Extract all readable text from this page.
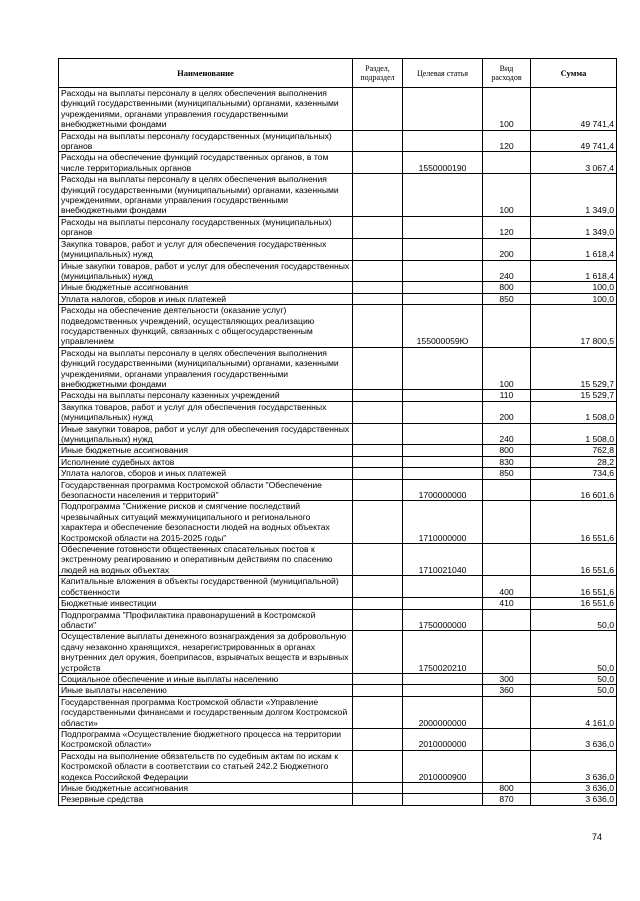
Наименование	Раздел, подраздел	Целевая статья	Вид расходов	Сумма
Расходы на выплаты персоналу в целях обеспечения выполнения функций государственными (муниципальными) органами, казенными учреждениями, органами управления государственными внебюджетными фондами			100	49 741,4
Расходы на выплаты персоналу государственных (муниципальных) органов			120	49 741,4
Расходы на обеспечение функций государственных органов, в том числе территориальных органов		1550000190		3 067,4
Расходы на выплаты персоналу в целях обеспечения выполнения функций государственными (муниципальными) органами, казенными учреждениями, органами управления государственными внебюджетными фондами			100	1 349,0
Расходы на выплаты персоналу государственных (муниципальных) органов			120	1 349,0
Закупка товаров, работ и услуг для обеспечения государственных (муниципальных) нужд			200	1 618,4
Иные закупки товаров, работ и услуг для обеспечения государственных (муниципальных) нужд			240	1 618,4
Иные бюджетные ассигнования			800	100,0
Уплата налогов, сборов и иных платежей			850	100,0
Расходы на обеспечение деятельности (оказание услуг) подведомственных учреждений, осуществляющих реализацию государственных функций, связанных с общегосударственным управлением		155000059Ю		17 800,5
Расходы на выплаты персоналу в целях обеспечения выполнения функций государственными (муниципальными) органами, казенными учреждениями, органами управления государственными внебюджетными фондами			100	15 529,7
Расходы на выплаты персоналу казенных учреждений			110	15 529,7
Закупка товаров, работ и услуг для обеспечения государственных (муниципальных) нужд			200	1 508,0
Иные закупки товаров, работ и услуг для обеспечения государственных (муниципальных) нужд			240	1 508,0
Иные бюджетные ассигнования			800	762,8
Исполнение судебных актов			830	28,2
Уплата налогов, сборов и иных платежей			850	734,6
Государственная программа Костромской области "Обеспечение безопасности населения и территорий"		1700000000		16 601,6
Подпрограмма "Снижение рисков и смягчение последствий чрезвычайных ситуаций межмуниципального и регионального характера и обеспечение безопасности людей на водных объектах Костромской области на 2015-2025 годы"		1710000000		16 551,6
Обеспечение готовности общественных спасательных постов к экстренному реагированию и оперативным действиям по спасению людей на водных объектах		1710021040		16 551,6
Капитальные вложения в объекты государственной (муниципальной) собственности			400	16 551,6
Бюджетные инвестиции			410	16 551,6
Подпрограмма "Профилактика правонарушений в Костромской области"		1750000000		50,0
Осуществление выплаты денежного вознаграждения за добровольную сдачу незаконно хранящихся, незарегистрированных в органах внутренних дел оружия, боеприпасов, взрывчатых веществ и взрывных устройств		1750020210		50,0
Социальное обеспечение и иные выплаты населению			300	50,0
Иные выплаты населению			360	50,0
Государственная программа Костромской области «Управление государственными финансами и государственным долгом Костромской области»		2000000000		4 161,0
Подпрограмма «Осуществление бюджетного процесса на территории Костромской области»		2010000000		3 636,0
Расходы на выполнение обязательств по судебным актам по искам к Костромской области в соответствии со статьей 242.2 Бюджетного кодекса Российской Федерации		2010000900		3 636,0
Иные бюджетные ассигнования			800	3 636,0
Резервные средства			870	3 636,0
74
